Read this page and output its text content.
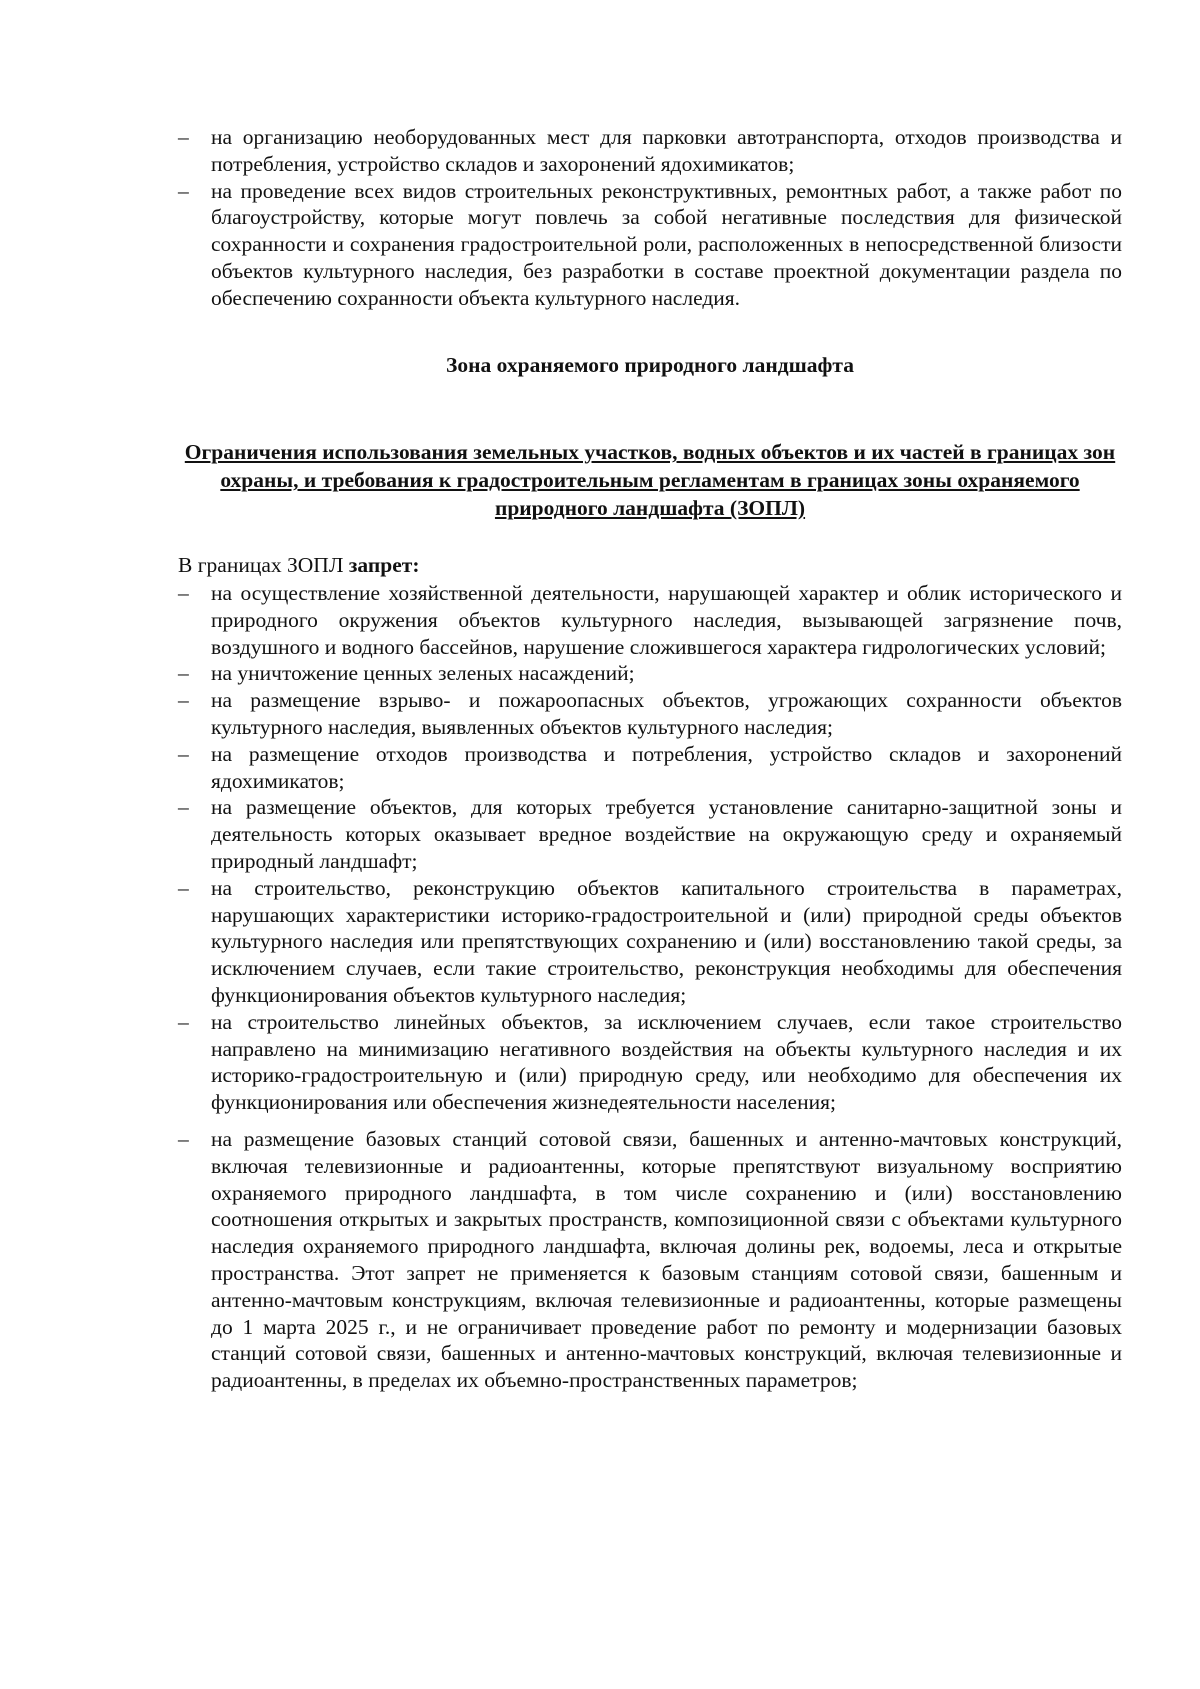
– на организацию необорудованных мест для парковки автотранспорта, отходов производства и потребления, устройство складов и захоронений ядохимикатов;

– на проведение всех видов строительных реконструктивных, ремонтных работ, а также работ по благоустройству, которые могут повлечь за собой негативные последствия для физической сохранности и сохранения градостроительной роли, расположенных в непосредственной близости объектов культурного наследия, без разработки в составе проектной документации раздела по обеспечению сохранности объекта культурного наследия.

Зона охраняемого природного ландшафта

Ограничения использования земельных участков, водных объектов и их частей в границах зон охраны, и требования к градостроительным регламентам в границах зоны охраняемого природного ландшафта (ЗОПЛ)

В границах ЗОПЛ запрет:

– на осуществление хозяйственной деятельности, нарушающей характер и облик исторического и природного окружения объектов культурного наследия, вызывающей загрязнение почв, воздушного и водного бассейнов, нарушение сложившегося характера гидрологических условий;

– на уничтожение ценных зеленых насаждений;

– на размещение взрыво- и пожароопасных объектов, угрожающих сохранности объектов культурного наследия, выявленных объектов культурного наследия;

– на размещение отходов производства и потребления, устройство складов и захоронений ядохимикатов;

– на размещение объектов, для которых требуется установление санитарно-защитной зоны и деятельность которых оказывает вредное воздействие на окружающую среду и охраняемый природный ландшафт;

– на строительство, реконструкцию объектов капитального строительства в параметрах, нарушающих характеристики историко-градостроительной и (или) природной среды объектов культурного наследия или препятствующих сохранению и (или) восстановлению такой среды, за исключением случаев, если такие строительство, реконструкция необходимы для обеспечения функционирования объектов культурного наследия;

– на строительство линейных объектов, за исключением случаев, если такое строительство направлено на минимизацию негативного воздействия на объекты культурного наследия и их историко-градостроительную и (или) природную среду, или необходимо для обеспечения их функционирования или обеспечения жизнедеятельности населения;

– на размещение базовых станций сотовой связи, башенных и антенно-мачтовых конструкций, включая телевизионные и радиоантенны, которые препятствуют визуальному восприятию охраняемого природного ландшафта, в том числе сохранению и (или) восстановлению соотношения открытых и закрытых пространств, композиционной связи с объектами культурного наследия охраняемого природного ландшафта, включая долины рек, водоемы, леса и открытые пространства. Этот запрет не применяется к базовым станциям сотовой связи, башенным и антенно-мачтовым конструкциям, включая телевизионные и радиоантенны, которые размещены до 1 марта 2025 г., и не ограничивает проведение работ по ремонту и модернизации базовых станций сотовой связи, башенных и антенно-мачтовых конструкций, включая телевизионные и радиоантенны, в пределах их объемно-пространственных параметров;
